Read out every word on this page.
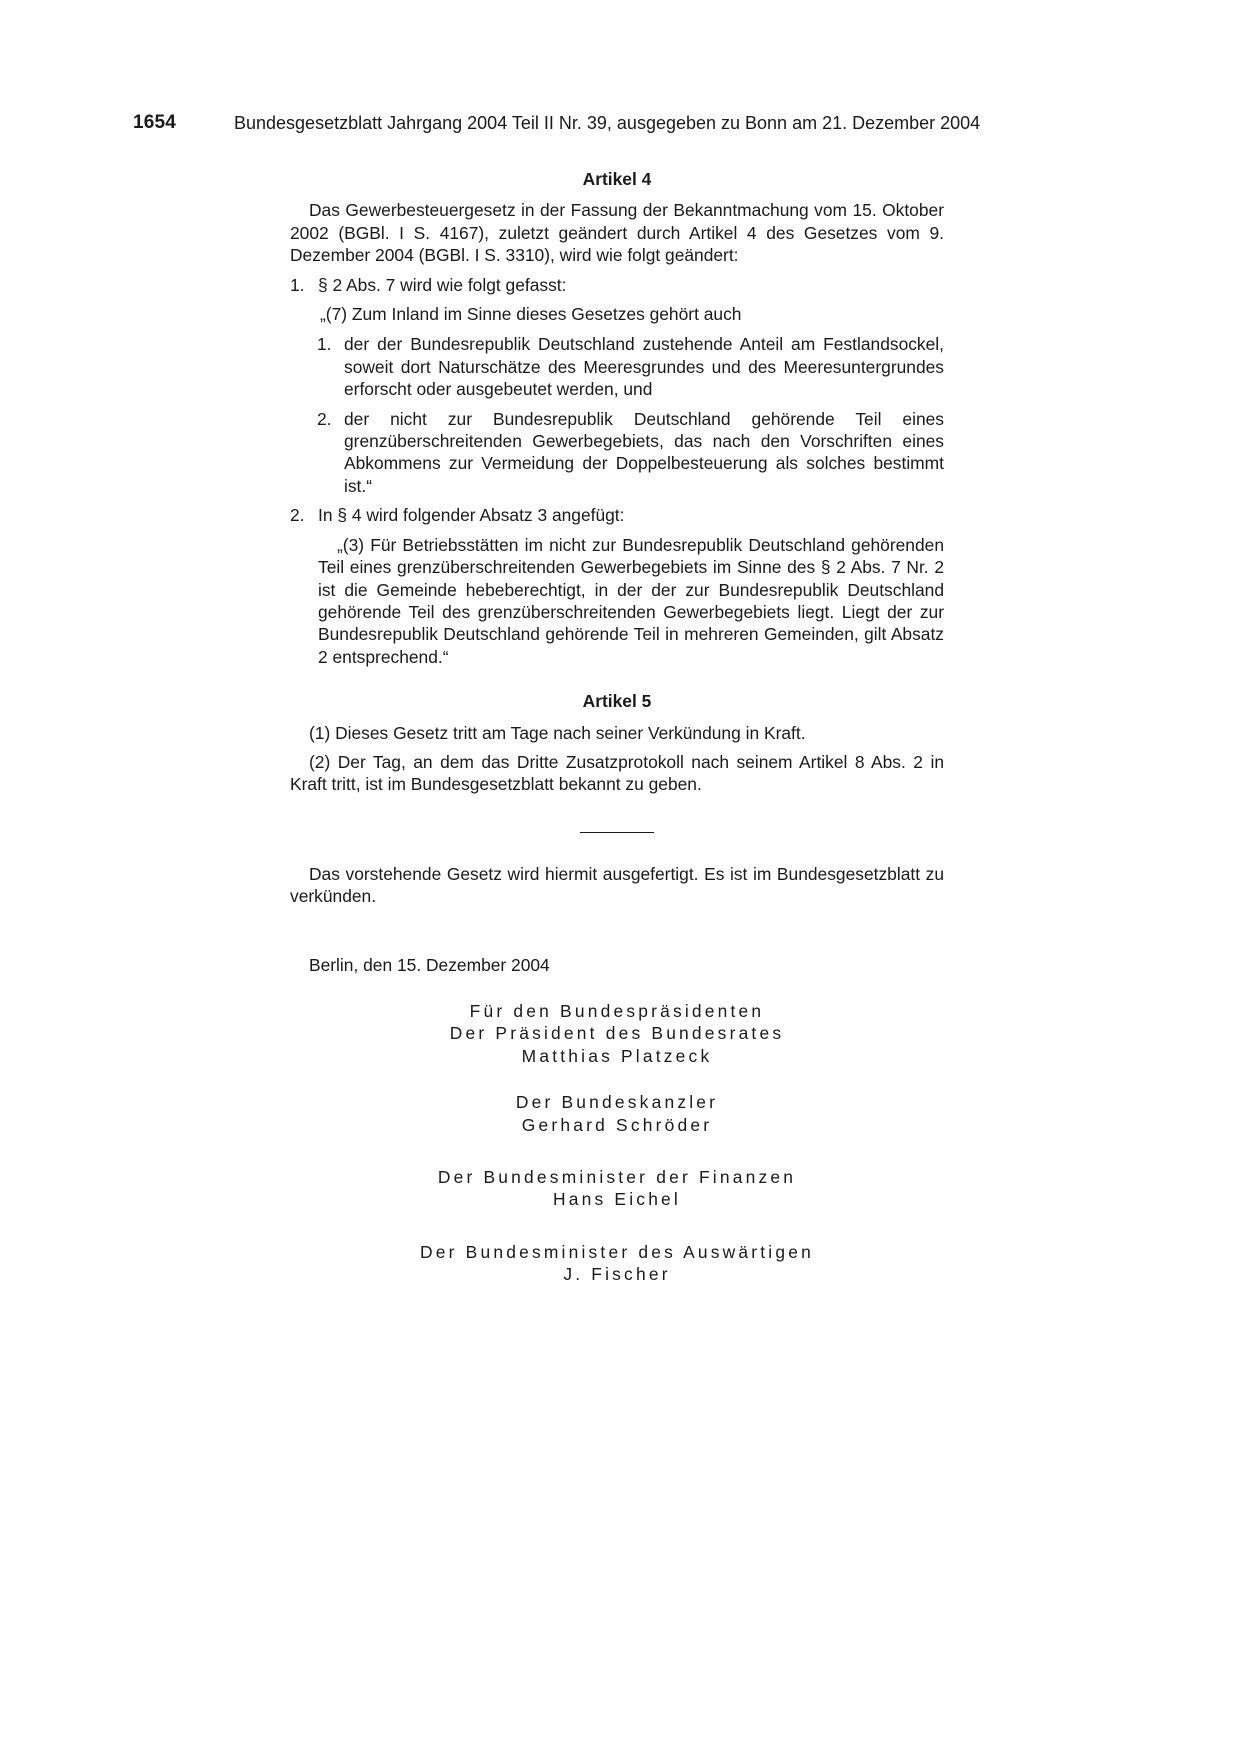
1654	Bundesgesetzblatt Jahrgang 2004 Teil II Nr. 39, ausgegeben zu Bonn am 21. Dezember 2004
Artikel 4
Das Gewerbesteuergesetz in der Fassung der Bekanntmachung vom 15. Oktober 2002 (BGBl. I S. 4167), zuletzt geändert durch Artikel 4 des Gesetzes vom 9. Dezember 2004 (BGBl. I S. 3310), wird wie folgt geändert:
1. § 2 Abs. 7 wird wie folgt gefasst:
„(7) Zum Inland im Sinne dieses Gesetzes gehört auch
1. der der Bundesrepublik Deutschland zustehende Anteil am Festlandsockel, soweit dort Naturschätze des Meeresgrundes und des Meeresuntergrundes erforscht oder ausgebeutet werden, und
2. der nicht zur Bundesrepublik Deutschland gehörende Teil eines grenzüberschreitenden Gewerbegebiets, das nach den Vorschriften eines Abkommens zur Vermeidung der Doppelbesteuerung als solches bestimmt ist.“
2. In § 4 wird folgender Absatz 3 angefügt:
„(3) Für Betriebsstätten im nicht zur Bundesrepublik Deutschland gehörenden Teil eines grenzüberschreitenden Gewerbegebiets im Sinne des § 2 Abs. 7 Nr. 2 ist die Gemeinde hebeberechtigt, in der der zur Bundesrepublik Deutschland gehörende Teil des grenzüberschreitenden Gewerbegebiets liegt. Liegt der zur Bundesrepublik Deutschland gehörende Teil in mehreren Gemeinden, gilt Absatz 2 entsprechend.“
Artikel 5
(1) Dieses Gesetz tritt am Tage nach seiner Verkündung in Kraft.
(2) Der Tag, an dem das Dritte Zusatzprotokoll nach seinem Artikel 8 Abs. 2 in Kraft tritt, ist im Bundesgesetzblatt bekannt zu geben.
Das vorstehende Gesetz wird hiermit ausgefertigt. Es ist im Bundesgesetzblatt zu verkünden.
Berlin, den 15. Dezember 2004
Für den Bundespräsidenten
Der Präsident des Bundesrates
Matthias Platzeck
Der Bundeskanzler
Gerhard Schröder
Der Bundesminister der Finanzen
Hans Eichel
Der Bundesminister des Auswärtigen
J. Fischer
